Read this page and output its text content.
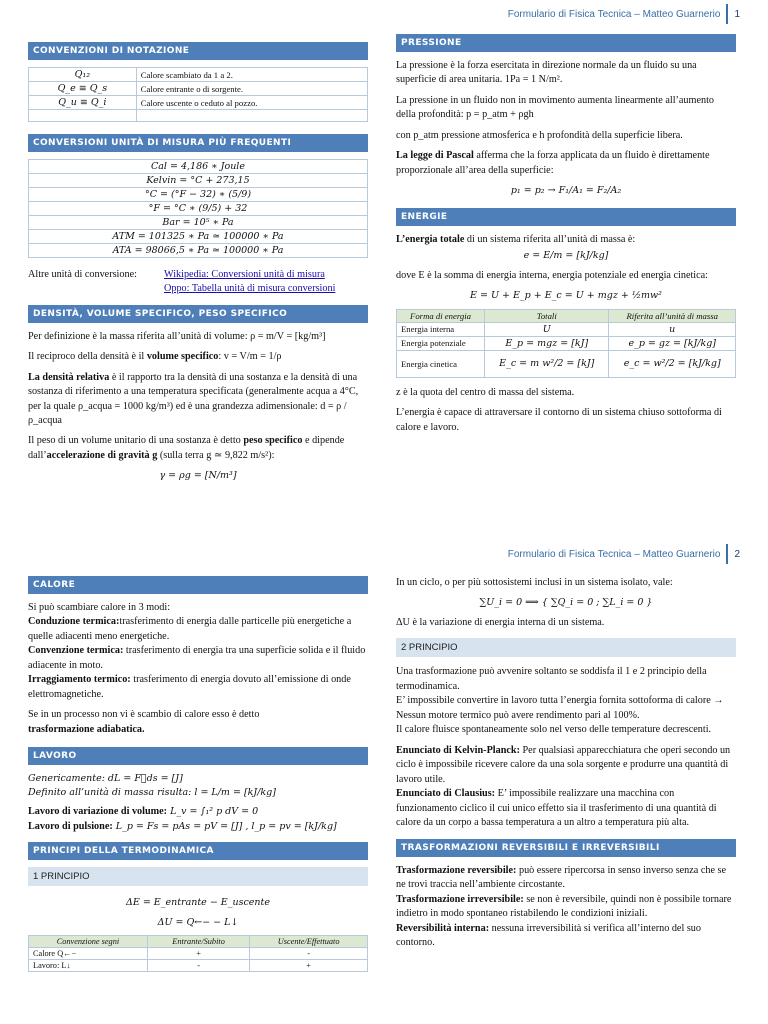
Formulario di Fisica Tecnica – Matteo Guarnerio	1
CONVENZIONI DI NOTAZIONE
Q₁₂	Calore scambiato da 1 a 2.
Q_e ≡ Q_s	Calore entrante o di sorgente.
Q_u ≡ Q_i	Calore uscente o ceduto al pozzo.

CONVERSIONI UNITÀ DI MISURA PIÙ FREQUENTI
Cal = 4,186 ∗ Joule
Kelvin = °C + 273,15
°C = (°F − 32) ∗ (5/9)
°F = °C ∗ (9/5) + 32
Bar = 10⁵ ∗ Pa
ATM = 101325 ∗ Pa ≃ 100000 ∗ Pa
ATA = 98066,5 ∗ Pa ≃ 100000 ∗ Pa
Altre unità di conversione:	Wikipedia: Conversioni unità di misura
Oppo: Tabella unità di misura conversioni
DENSITÀ, VOLUME SPECIFICO, PESO SPECIFICO

Per definizione è la massa riferita all’unità di volume: ρ = m/V = [kg/m³]

Il reciproco della densità è il volume specifico: v = V/m = 1/ρ

La densità relativa è il rapporto tra la densità di una sostanza e la densità di una sostanza di riferimento a una temperatura specificata (generalmente acqua a 4°C, per la quale ρ_acqua = 1000 kg/m³) ed è una grandezza adimensionale: d = ρ / ρ_acqua

Il peso di un volume unitario di una sostanza è detto peso specifico e dipende dall’accelerazione di gravità g (sulla terra g ≃ 9,822 m/s²):

γ = ρg = [N/m³]

PRESSIONE

La pressione è la forza esercitata in direzione normale da un fluido su una superficie di area unitaria. 1Pa = 1 N/m².

La pressione in un fluido non in movimento aumenta linearmente all’aumento della profondità: p = p_atm + ρgh

con p_atm pressione atmosferica e h profondità della superficie libera.

La legge di Pascal afferma che la forza applicata da un fluido è direttamente proporzionale all’area della superficie:

p₁ = p₂ → F₁/A₁ = F₂/A₂

ENERGIE

L’energia totale di un sistema riferita all’unità di massa è:

e = E/m = [kJ/kg]

dove E è la somma di energia interna, energia potenziale ed energia cinetica:

E = U + E_p + E_c = U + mgz + ½mw²

Forma di energia	Totali	Riferita all’unità di massa
Energia interna	U	u
Energia potenziale	E_p = mgz = [kJ]	e_p = gz = [kJ/kg]
Energia cinetica	E_c = m w²/2 = [kJ]	e_c = w²/2 = [kJ/kg]

z è la quota del centro di massa del sistema.

L’energia è capace di attraversare il contorno di un sistema chiuso sottoforma di calore e lavoro.

Formulario di Fisica Tecnica – Matteo Guarnerio	2
CALORE

Si può scambiare calore in 3 modi:

Conduzione termica:trasferimento di energia dalle particelle più energetiche a quelle adiacenti meno energetiche.

Convenzione termica: trasferimento di energia tra una superficie solida e il fluido adiacente in moto.

Irraggiamento termico: trasferimento di energia dovuto all’emissione di onde elettromagnetiche.

Se in un processo non vi è scambio di calore esso è detto
trasformazione adiabatica.

LAVORO

Genericamente: dL = F⃗ds = [J]

Definito all’unità di massa risulta: l = L/m = [kJ/kg]

Lavoro di variazione di volume: L_v = ∫₁² p dV = 0

Lavoro di pulsione: L_p = Fs = pAs = pV = [J] , l_p = pv = [kJ/kg]

PRINCIPI DELLA TERMODINAMICA
1 PRINCIPIO

ΔE = E_entrante − E_uscente

ΔU = Q←− − L↓

Convenzione segni	Entrante/Subito	Uscente/Effettuato
Calore Q←−	+	-
Lavoro: L↓	-	+

In un ciclo, o per più sottosistemi inclusi in un sistema isolato, vale:

∑U_i = 0 ⟹ { ∑Q_i = 0 ; ∑L_i = 0 }

ΔU è la variazione di energia interna di un sistema.

2 PRINCIPIO

Una trasformazione può avvenire soltanto se soddisfa il 1 e 2 principio della termodinamica.

E’ impossibile convertire in lavoro tutta l’energia fornita sottoforma di calore → Nessun motore termico può avere rendimento pari al 100%.

Il calore fluisce spontaneamente solo nel verso delle temperature decrescenti.

Enunciato di Kelvin-Planck: Per qualsiasi apparecchiatura che operi secondo un ciclo è impossibile ricevere calore da una sola sorgente e produrre una quantità di lavoro utile.

Enunciato di Clausius: E’ impossibile realizzare una macchina con funzionamento ciclico il cui unico effetto sia il trasferimento di una quantità di calore da un corpo a bassa temperatura a un altro a temperatura più alta.

TRASFORMAZIONI REVERSIBILI E IRREVERSIBILI

Trasformazione reversibile: può essere ripercorsa in senso inverso senza che se ne trovi traccia nell’ambiente circostante.

Trasformazione irreversibile: se non è reversibile, quindi non è possibile tornare indietro in modo spontaneo ristabilendo le condizioni iniziali.

Reversibilità interna: nessuna irreversibilità si verifica all’interno del suo contorno.
